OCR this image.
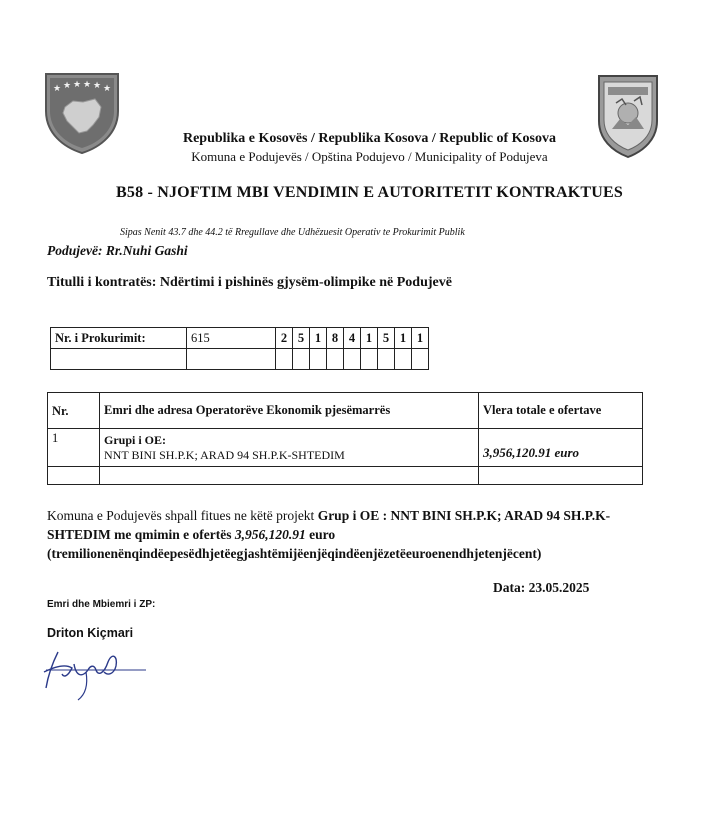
★ ★ ★ ★ ★ ★
Republika e Kosovës / Republika Kosova / Republic of Kosova
Komuna e Podujevës / Opština Podujevo / Municipality of Podujeva
B58 - NJOFTIM MBI VENDIMIN E AUTORITETIT KONTRAKTUES
Sipas Nenit 43.7 dhe 44.2 të Rregullave dhe Udhëzuesit Operativ te Prokurimit Publik
Podujevë: Rr.Nuhi Gashi
Titulli i kontratës: Ndërtimi i pishinës gjysëm-olimpike në Podujevë
Nr. i Prokurimit:	615	2	5	1	8	4	1	5	1	1

Nr.	Emri dhe adresa Operatorëve Ekonomik pjesëmarrës	Vlera totale e ofertave
1	Grupi i OE:
NNT BINI SH.P.K; ARAD 94 SH.P.K-SHTEDIM	3,956,120.91 euro

Komuna e Podujevës shpall fitues ne këtë projekt Grup i OE : NNT BINI SH.P.K; ARAD 94 SH.P.K-SHTEDIM me qmimin e ofertës 3,956,120.91 euro
(tremilionenënqindëepesëdhjetëegjashtëmijëenjëqindëenjëzetëeuroenendhjetenjëcent)
Data: 23.05.2025
Emri dhe Mbiemri i ZP:
Driton Kiçmari
